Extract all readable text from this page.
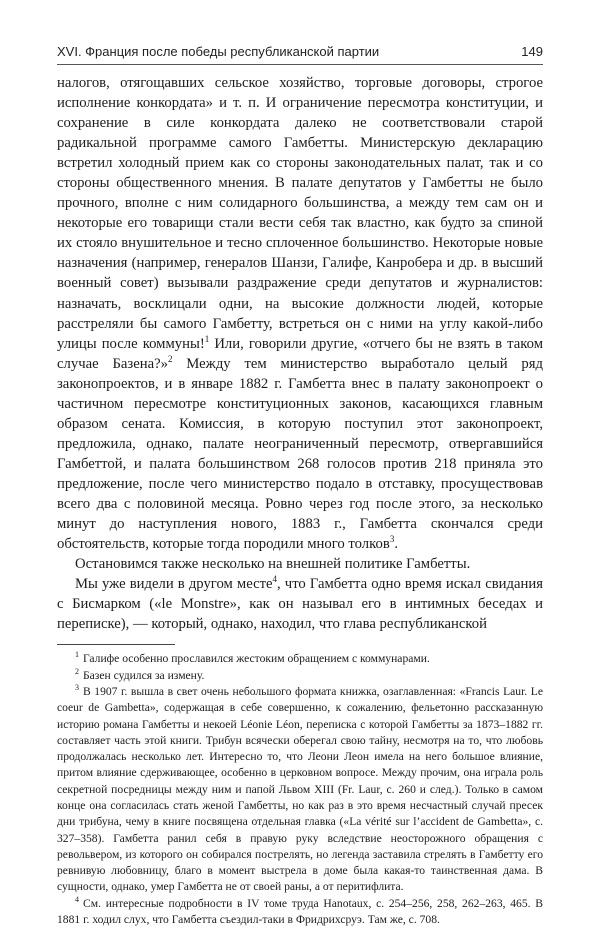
XVI. Франция после победы республиканской партии	149

налогов, отягощавших сельское хозяйство, торговые договоры, строгое исполнение конкордата» и т. п. И ограничение пересмотра конституции, и сохранение в силе конкордата далеко не соответствовали старой радикальной программе самого Гамбетты. Министерскую декларацию встретил холодный прием как со стороны законодательных палат, так и со стороны общественного мнения. В палате депутатов у Гамбетты не было прочного, вполне с ним солидарного большинства, а между тем сам он и некоторые его товарищи стали вести себя так властно, как будто за спиной их стояло внушительное и тесно сплоченное большинство. Некоторые новые назначения (например, генералов Шанзи, Галифе, Канробера и др. в высший военный совет) вызывали раздражение среди депутатов и журналистов: назначать, восклицали одни, на высокие должности людей, которые расстреляли бы самого Гамбетту, встреться он с ними на углу какой-либо улицы после коммуны!$^1$ Или, говорили другие, «отчего бы не взять в таком случае Базена?»$^2$ Между тем министерство выработало целый ряд законопроектов, и в январе 1882 г. Гамбетта внес в палату законопроект о частичном пересмотре конституционных законов, касающихся главным образом сената. Комиссия, в которую поступил этот законопроект, предложила, однако, палате неограниченный пересмотр, отвергавшийся Гамбеттой, и палата большинством 268 голосов против 218 приняла это предложение, после чего министерство подало в отставку, просуществовав всего два с половиной месяца. Ровно через год после этого, за несколько минут до наступления нового, 1883 г., Гамбетта скончался среди обстоятельств, которые тогда породили много толков$^3$.

Остановимся также несколько на внешней политике Гамбетты.

Мы уже видели в другом месте$^4$, что Гамбетта одно время искал свидания с Бисмарком («le Monstre», как он называл его в интимных беседах и переписке), — который, однако, находил, что глава республиканской

$^1$ Галифе особенно прославился жестоким обращением с коммунарами.

$^2$ Базен судился за измену.

$^3$ В 1907 г. вышла в свет очень небольшого формата книжка, озаглавленная: «Francis Laur. Le coeur de Gambetta», содержащая в себе совершенно, к сожалению, фельетонно рассказанную историю романа Гамбетты и некоей Léonie Léon, переписка с которой Гамбетты за 1873–1882 гг. составляет часть этой книги. Трибун всячески оберегал свою тайну, несмотря на то, что любовь продолжалась несколько лет. Интересно то, что Леони Леон имела на него большое влияние, притом влияние сдерживающее, особенно в церковном вопросе. Между прочим, она играла роль секретной посредницы между ним и папой Львом XIII (Fr. Laur, с. 260 и след.). Только в самом конце она согласилась стать женой Гамбетты, но как раз в это время несчастный случай пресек дни трибуна, чему в книге посвящена отдельная главка («La vérité sur l’accident de Gambetta», с. 327–358). Гамбетта ранил себя в правую руку вследствие неосторожного обращения с револьвером, из которого он собирался пострелять, но легенда заставила стрелять в Гамбетту его ревнивую любовницу, благо в момент выстрела в доме была какая-то таинственная дама. В сущности, однако, умер Гамбетта не от своей раны, а от перитифлита.

$^4$ См. интересные подробности в IV томе труда Hanotaux, с. 254–256, 258, 262–263, 465. В 1881 г. ходил слух, что Гамбетта съездил-таки в Фридрихсруэ. Там же, с. 708.
